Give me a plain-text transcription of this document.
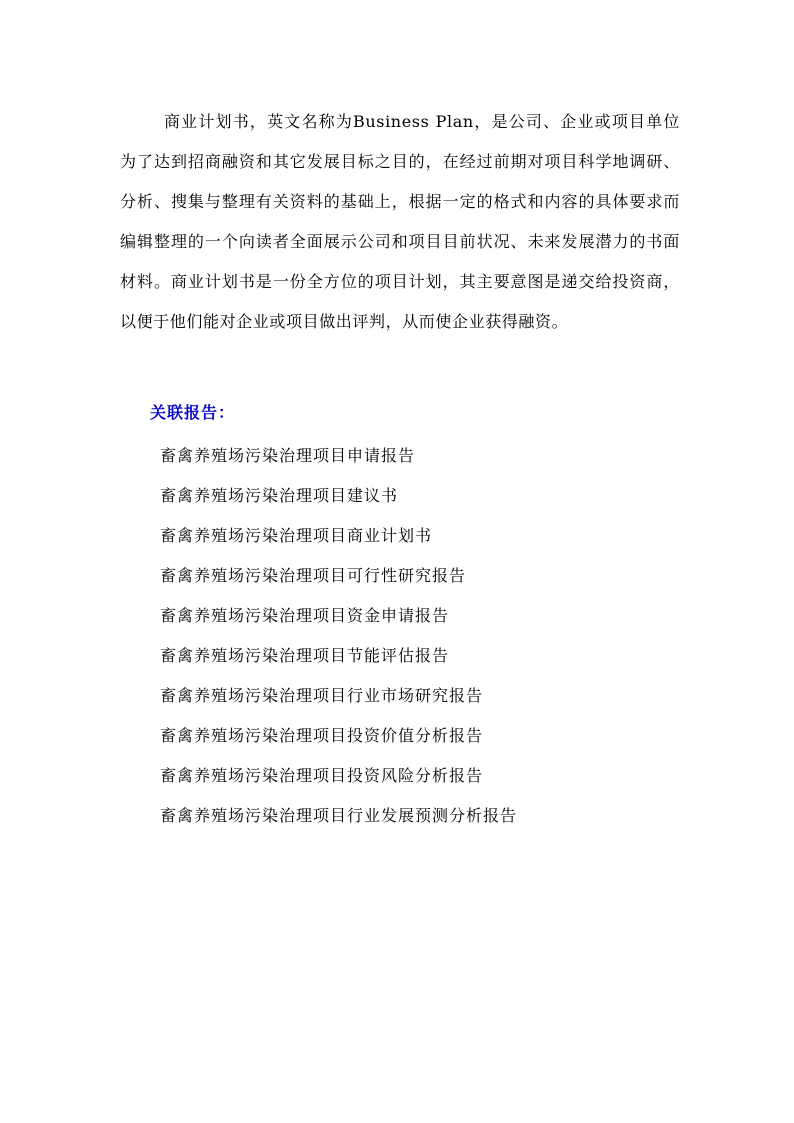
商业计划书，英文名称为Business Plan，是公司、企业或项目单位为了达到招商融资和其它发展目标之目的，在经过前期对项目科学地调研、分析、搜集与整理有关资料的基础上，根据一定的格式和内容的具体要求而编辑整理的一个向读者全面展示公司和项目目前状况、未来发展潜力的书面材料。商业计划书是一份全方位的项目计划，其主要意图是递交给投资商，以便于他们能对企业或项目做出评判，从而使企业获得融资。

关联报告：
畜禽养殖场污染治理项目申请报告
畜禽养殖场污染治理项目建议书
畜禽养殖场污染治理项目商业计划书
畜禽养殖场污染治理项目可行性研究报告
畜禽养殖场污染治理项目资金申请报告
畜禽养殖场污染治理项目节能评估报告
畜禽养殖场污染治理项目行业市场研究报告
畜禽养殖场污染治理项目投资价值分析报告
畜禽养殖场污染治理项目投资风险分析报告
畜禽养殖场污染治理项目行业发展预测分析报告
